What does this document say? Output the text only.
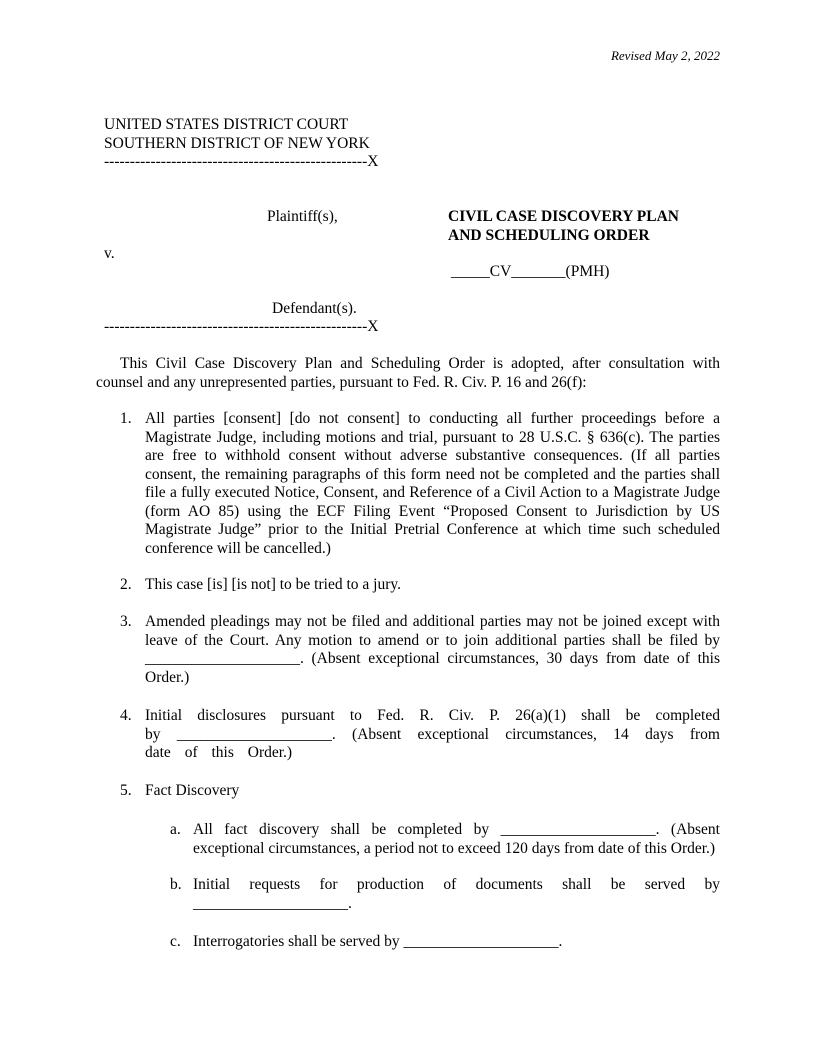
Revised May 2, 2022
UNITED STATES DISTRICT COURT
SOUTHERN DISTRICT OF NEW YORK
---------------------------------------------------X
Plaintiff(s),	CIVIL CASE DISCOVERY PLAN
AND SCHEDULING ORDER
v.
_____CV_______(PMH)
Defendant(s).
---------------------------------------------------X
This Civil Case Discovery Plan and Scheduling Order is adopted, after consultation with counsel and any unrepresented parties, pursuant to Fed. R. Civ. P. 16 and 26(f):
1. All parties [consent] [do not consent] to conducting all further proceedings before a Magistrate Judge, including motions and trial, pursuant to 28 U.S.C. § 636(c). The parties are free to withhold consent without adverse substantive consequences. (If all parties consent, the remaining paragraphs of this form need not be completed and the parties shall file a fully executed Notice, Consent, and Reference of a Civil Action to a Magistrate Judge (form AO 85) using the ECF Filing Event “Proposed Consent to Jurisdiction by US Magistrate Judge” prior to the Initial Pretrial Conference at which time such scheduled conference will be cancelled.)
2. This case [is] [is not] to be tried to a jury.
3. Amended pleadings may not be filed and additional parties may not be joined except with leave of the Court. Any motion to amend or to join additional parties shall be filed by ____________________. (Absent exceptional circumstances, 30 days from date of this Order.)
4. Initial disclosures pursuant to Fed. R. Civ. P. 26(a)(1) shall be completed by ____________________. (Absent exceptional circumstances, 14 days from date of this Order.)
5. Fact Discovery
a. All fact discovery shall be completed by ____________________. (Absent exceptional circumstances, a period not to exceed 120 days from date of this Order.)
b. Initial requests for production of documents shall be served by ____________________.
c. Interrogatories shall be served by ____________________.
